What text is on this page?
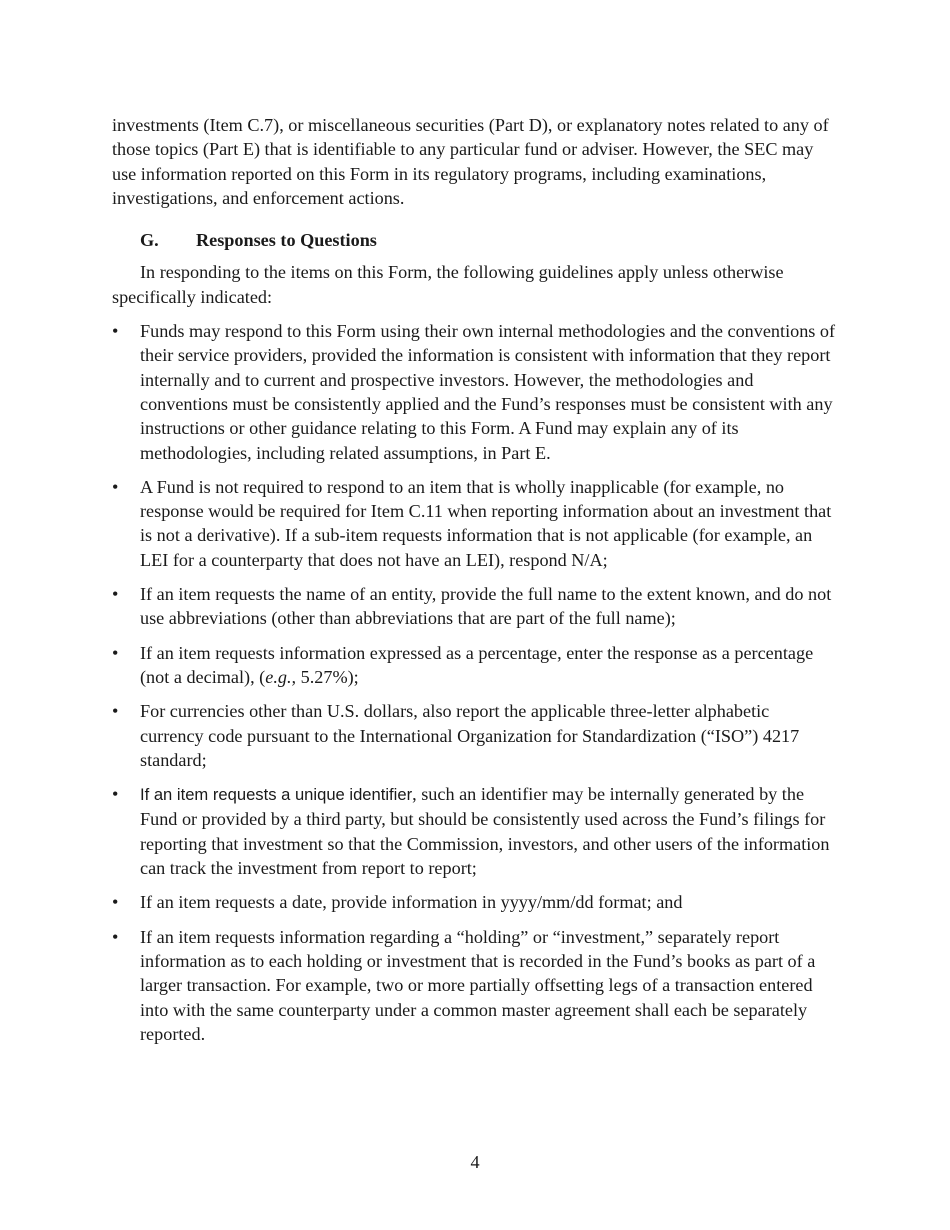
investments (Item C.7), or miscellaneous securities (Part D), or explanatory notes related to any of those topics (Part E) that is identifiable to any particular fund or adviser. However, the SEC may use information reported on this Form in its regulatory programs, including examinations, investigations, and enforcement actions.

G.	Responses to Questions

In responding to the items on this Form, the following guidelines apply unless otherwise specifically indicated:

• Funds may respond to this Form using their own internal methodologies and the conventions of their service providers, provided the information is consistent with information that they report internally and to current and prospective investors. However, the methodologies and conventions must be consistently applied and the Fund’s responses must be consistent with any instructions or other guidance relating to this Form. A Fund may explain any of its methodologies, including related assumptions, in Part E.
• A Fund is not required to respond to an item that is wholly inapplicable (for example, no response would be required for Item C.11 when reporting information about an investment that is not a derivative). If a sub-item requests information that is not applicable (for example, an LEI for a counterparty that does not have an LEI), respond N/A;
• If an item requests the name of an entity, provide the full name to the extent known, and do not use abbreviations (other than abbreviations that are part of the full name);
• If an item requests information expressed as a percentage, enter the response as a percentage (not a decimal), (e.g., 5.27%);
• For currencies other than U.S. dollars, also report the applicable three-letter alphabetic currency code pursuant to the International Organization for Standardization (“ISO”) 4217 standard;
• If an item requests a unique identifier, such an identifier may be internally generated by the Fund or provided by a third party, but should be consistently used across the Fund’s filings for reporting that investment so that the Commission, investors, and other users of the information can track the investment from report to report;
• If an item requests a date, provide information in yyyy/mm/dd format; and
• If an item requests information regarding a “holding” or “investment,” separately report information as to each holding or investment that is recorded in the Fund’s books as part of a larger transaction. For example, two or more partially offsetting legs of a transaction entered into with the same counterparty under a common master agreement shall each be separately reported.
4
